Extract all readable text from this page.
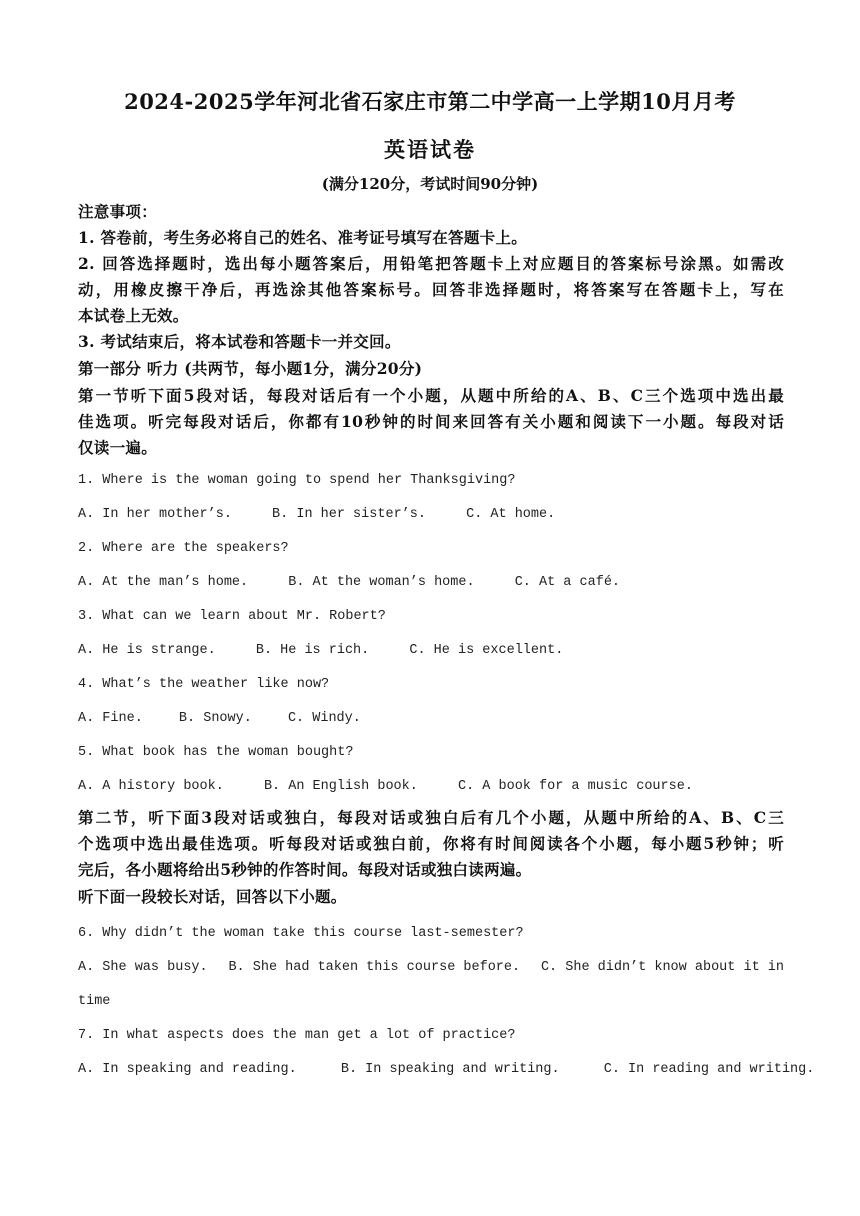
2024-2025学年河北省石家庄市第二中学高一上学期10月月考
英语试卷
(满分120分，考试时间90分钟)
注意事项：
1. 答卷前，考生务必将自己的姓名、准考证号填写在答题卡上。
2. 回答选择题时，选出每小题答案后，用铅笔把答题卡上对应题目的答案标号涂黑。如需改
动，用橡皮擦干净后，再选涂其他答案标号。回答非选择题时，将答案写在答题卡上，写在
本试卷上无效。
3. 考试结束后，将本试卷和答题卡一并交回。
第一部分 听力 (共两节，每小题1分，满分20分)
第一节听下面5段对话，每段对话后有一个小题，从题中所给的A、B、C三个选项中选出最
佳选项。听完每段对话后，你都有10秒钟的时间来回答有关小题和阅读下一小题。每段对话
仅读一遍。
1. Where is the woman going to spend her Thanksgiving?
A. In her mother’s.	B. In her sister’s.	C. At home.
2. Where are the speakers?
A. At the man’s home.	B. At the woman’s home.	C. At a café.
3. What can we learn about Mr. Robert?
A. He is strange.	B. He is rich.	C. He is excellent.
4. What’s the weather like now?
A. Fine.	B. Snowy.	C. Windy.
5. What book has the woman bought?
A. A history book.	B. An English book.	C. A book for a music course.
第二节，听下面3段对话或独白，每段对话或独白后有几个小题，从题中所给的A、B、C三
个选项中选出最佳选项。听每段对话或独白前，你将有时间阅读各个小题，每小题5秒钟；听
完后，各小题将给出5秒钟的作答时间。每段对话或独白读两遍。
听下面一段较长对话，回答以下小题。
6. Why didn’t the woman take this course last-semester?
A. She was busy. B. She had taken this course before. C. She didn’t know about it in
time
7. In what aspects does the man get a lot of practice?
A. In speaking and reading.	B. In speaking and writing.	C. In reading and writing.
